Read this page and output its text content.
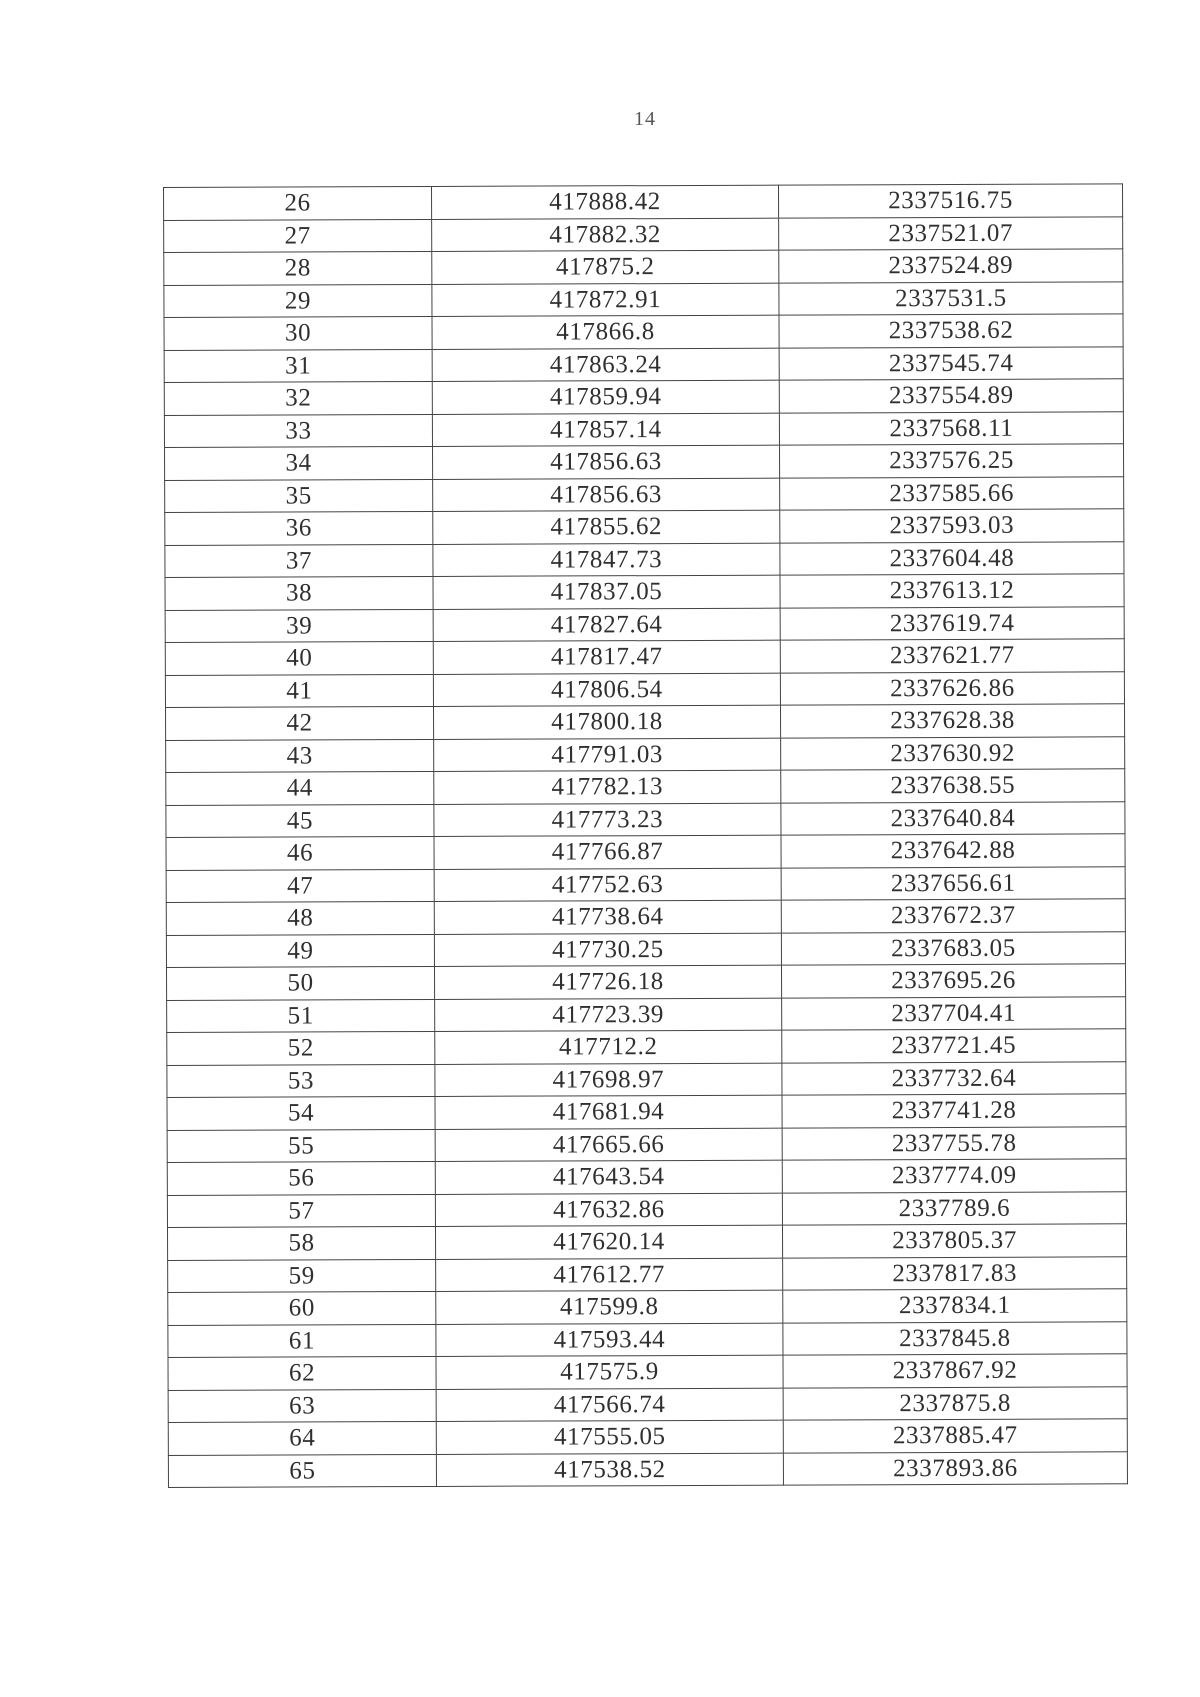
14
26	417888.42	2337516.75
27	417882.32	2337521.07
28	417875.2	2337524.89
29	417872.91	2337531.5
30	417866.8	2337538.62
31	417863.24	2337545.74
32	417859.94	2337554.89
33	417857.14	2337568.11
34	417856.63	2337576.25
35	417856.63	2337585.66
36	417855.62	2337593.03
37	417847.73	2337604.48
38	417837.05	2337613.12
39	417827.64	2337619.74
40	417817.47	2337621.77
41	417806.54	2337626.86
42	417800.18	2337628.38
43	417791.03	2337630.92
44	417782.13	2337638.55
45	417773.23	2337640.84
46	417766.87	2337642.88
47	417752.63	2337656.61
48	417738.64	2337672.37
49	417730.25	2337683.05
50	417726.18	2337695.26
51	417723.39	2337704.41
52	417712.2	2337721.45
53	417698.97	2337732.64
54	417681.94	2337741.28
55	417665.66	2337755.78
56	417643.54	2337774.09
57	417632.86	2337789.6
58	417620.14	2337805.37
59	417612.77	2337817.83
60	417599.8	2337834.1
61	417593.44	2337845.8
62	417575.9	2337867.92
63	417566.74	2337875.8
64	417555.05	2337885.47
65	417538.52	2337893.86
